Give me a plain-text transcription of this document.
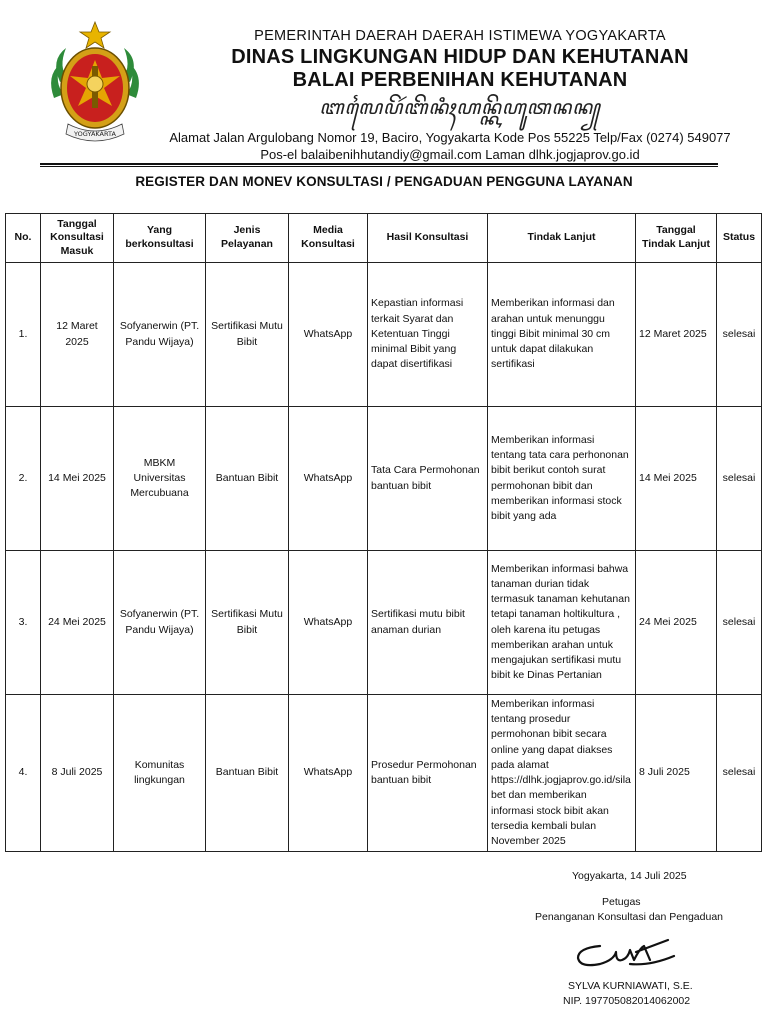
YOGYAKARTA
PEMERINTAH DAERAH DAERAH ISTIMEWA YOGYAKARTA
DINAS LINGKUNGAN HIDUP DAN KEHUTANAN
BALAI PERBENIHAN KEHUTANAN
ꦧꦭꦻꦥꦼꦂꦧꦼꦤꦶꦃꦲꦤ꧀ꦏꦼꦲꦸꦠꦤꦤ꧀
Alamat Jalan Argulobang Nomor 19, Baciro, Yogyakarta Kode Pos 55225 Telp/Fax (0274) 549077
Pos-el balaibenihhutandiy@gmail.com Laman dlhk.jogjaprov.go.id
REGISTER DAN MONEV KONSULTASI / PENGADUAN PENGGUNA LAYANAN
No.	Tanggal Konsultasi Masuk	Yang berkonsultasi	Jenis Pelayanan	Media Konsultasi	Hasil Konsultasi	Tindak Lanjut	Tanggal Tindak Lanjut	Status
1.	12 Maret 2025	Sofyanerwin (PT. Pandu Wijaya)	Sertifikasi Mutu Bibit	WhatsApp	Kepastian informasi terkait Syarat dan Ketentuan Tinggi minimal Bibit yang dapat disertifikasi	Memberikan informasi dan arahan untuk menunggu tinggi Bibit minimal 30 cm untuk dapat dilakukan sertifikasi	12 Maret 2025	selesai
2.	14 Mei 2025	MBKM Universitas Mercubuana	Bantuan Bibit	WhatsApp	Tata Cara Permohonan bantuan bibit	Memberikan informasi tentang tata cara perhononan bibit berikut contoh surat permohonan bibit dan memberikan informasi stock bibit yang ada	14 Mei 2025	selesai
3.	24 Mei 2025	Sofyanerwin (PT. Pandu Wijaya)	Sertifikasi Mutu Bibit	WhatsApp	Sertifikasi mutu bibit anaman durian	Memberikan informasi bahwa tanaman durian tidak termasuk tanaman kehutanan tetapi tanaman holtikultura , oleh karena itu petugas memberikan arahan untuk mengajukan sertifikasi mutu bibit ke Dinas Pertanian	24 Mei 2025	selesai
4.	8 Juli 2025	Komunitas lingkungan	Bantuan Bibit	WhatsApp	Prosedur Permohonan bantuan bibit	Memberikan informasi tentang prosedur permohonan bibit secara online yang dapat diakses pada alamat https://dlhk.jogjaprov.go.id/sila bet dan memberikan informasi stock bibit akan tersedia kembali bulan November 2025	8 Juli 2025	selesai
Yogyakarta, 14 Juli 2025
Petugas
Penanganan Konsultasi dan Pengaduan
SYLVA KURNIAWATI, S.E.
NIP. 197705082014062002
